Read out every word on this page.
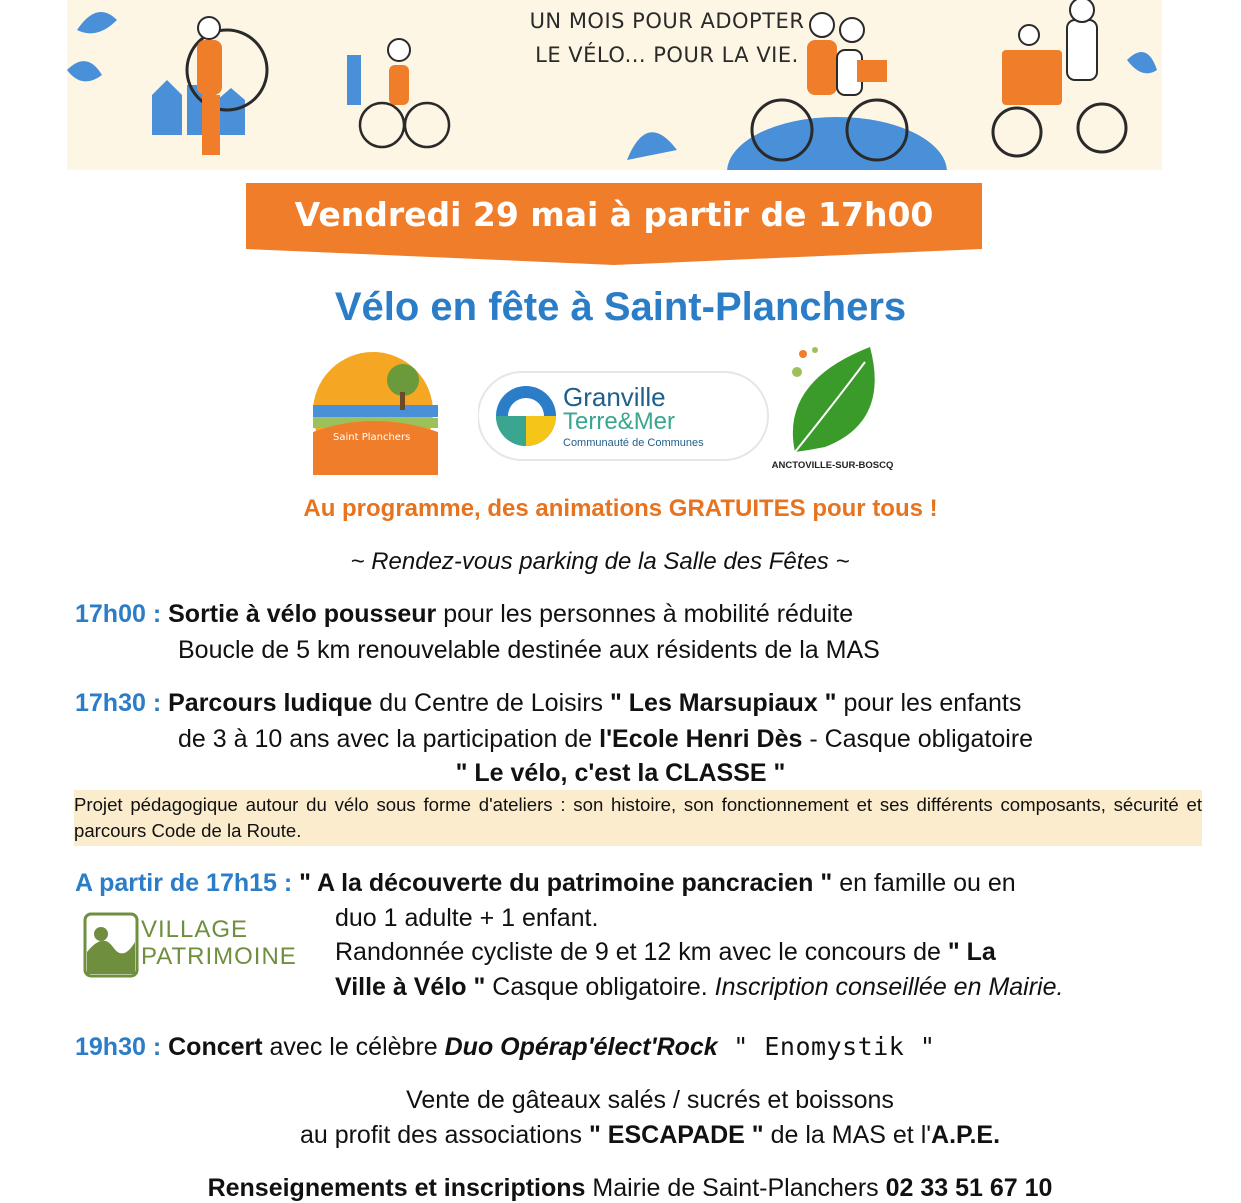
UN MOIS POUR ADOPTER
LE VÉLO... POUR LA VIE.
Vendredi 29 mai à partir de 17h00
Vélo en fête à Saint-Planchers
Saint Planchers
Granville
Terre&Mer
Communauté de Communes
ANCTOVILLE-SUR-BOSCQ
Au programme, des animations GRATUITES pour tous !
~ Rendez-vous parking de la Salle des Fêtes ~
17h00 : Sortie à vélo pousseur pour les personnes à mobilité réduite
Boucle de 5 km renouvelable destinée aux résidents de la MAS
17h30 : Parcours ludique du Centre de Loisirs " Les Marsupiaux " pour les enfants
de 3 à 10 ans avec la participation de l'Ecole Henri Dès - Casque obligatoire
" Le vélo, c'est la CLASSE "
Projet pédagogique autour du vélo sous forme d'ateliers : son histoire, son fonctionnement et ses différents composants, sécurité et parcours Code de la Route.
A partir de 17h15 : " A la découverte du patrimoine pancracien " en famille ou en
duo 1 adulte + 1 enfant.
Randonnée cycliste de 9 et 12 km avec le concours de " La
Ville à Vélo " Casque obligatoire. Inscription conseillée en Mairie.
VILLAGE
PATRIMOINE
19h30 : Concert avec le célèbre Duo Opérap'élect'Rock " Enomystik "
Vente de gâteaux salés / sucrés et boissons
au profit des associations " ESCAPADE " de la MAS et l'A.P.E.
Renseignements et inscriptions Mairie de Saint-Planchers 02 33 51 67 10
